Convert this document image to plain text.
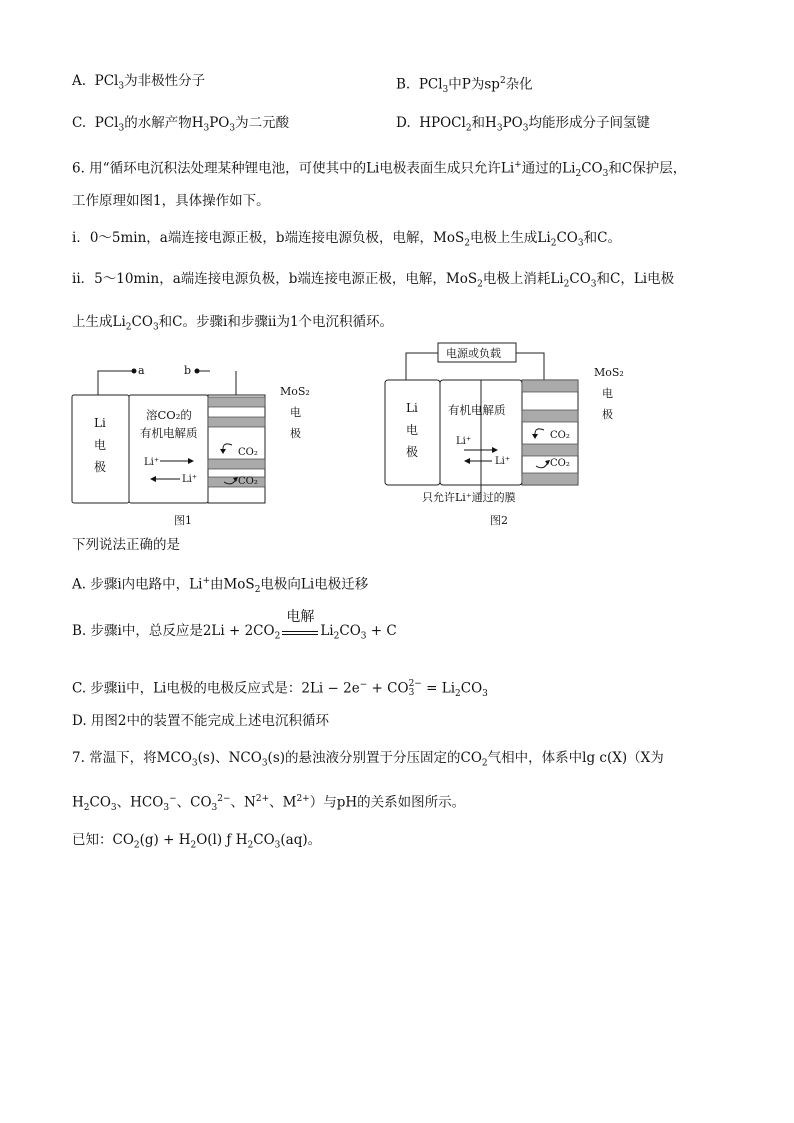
A. PCl$_3$为非极性分子	B. PCl$_3$中P为$sp^2$杂化
C. PCl$_3$的水解产物$H_3PO_3$为二元酸	D. HPOCl$_2$和$H_3PO_3$均能形成分子间氢键
6. 用“循环电沉积法处理某种锂电池，可使其中的Li电极表面生成只允许Li+通过的$Li_2CO_3$和C保护层，
工作原理如图1，具体操作如下。
i．0～5min，a端连接电源正极，b端连接电源负极，电解，MoS$_2$电极上生成$Li_2CO_3$和C。
ii．5～10min，a端连接电源负极，b端连接电源正极，电解，MoS$_2$电极上消耗$Li_2CO_3$和C，Li电极
上生成$Li_2CO_3$和C。步骤i和步骤ii为1个电沉积循环。
a	b
Li
电
极
溶CO₂的
有机电解质
Li⁺
Li⁺
CO₂
CO₂
MoS₂
电
极
图1
电源或负载
Li
电
极
有机电解质
Li⁺
Li⁺
CO₂
CO₂
MoS₂
电
极
只允许Li⁺通过的膜
图2
下列说法正确的是
A. 步骤i内电路中，Li+由MoS$_2$电极向Li电极迁移
B. 步骤i中，总反应是$2Li + 2CO_2$
电解
$Li_2CO_3 + C$
C. 步骤ii中，Li电极的电极反应式是：2Li − 2e− + CO 2−
$3 = Li_2CO_3$
D. 用图2中的装置不能完成上述电沉积循环
7. 常温下，将$MCO_3(s)$、$NCO_3(s)$的悬浊液分别置于分压固定的$CO_2$气相中，体系中lg c(X)（X为
$H_2CO_3$、$HCO_3^-$、$CO_3^{2-}$、$N^{2+}$、$M^{2+}$）与pH的关系如图所示。
已知：$CO_2(g) + H_2O(l)$ ƒ $H_2CO_3(aq)$。
